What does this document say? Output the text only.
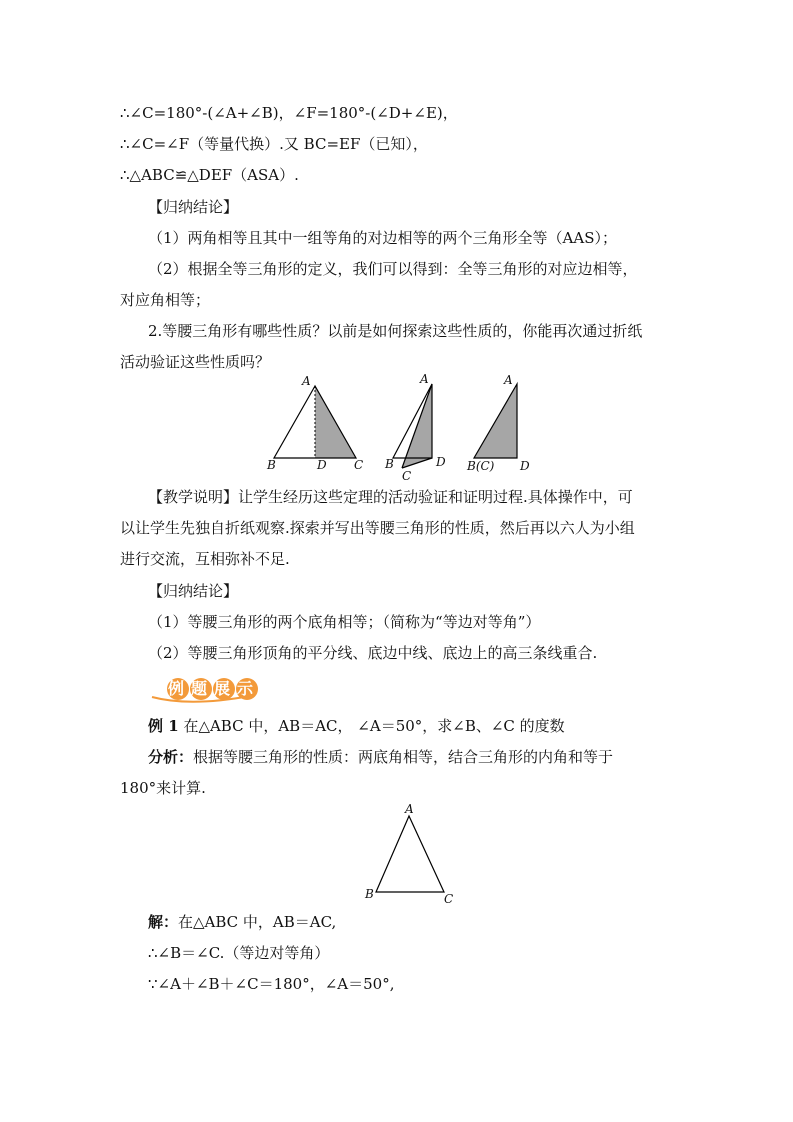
∴∠C=180°-(∠A+∠B)，∠F=180°-(∠D+∠E)，
∴∠C=∠F（等量代换）.又 BC=EF（已知），
∴△ABC≌△DEF（ASA）.
【归纳结论】
（1）两角相等且其中一组等角的对边相等的两个三角形全等（AAS）；
（2）根据全等三角形的定义，我们可以得到：全等三角形的对应边相等，
对应角相等；
2.等腰三角形有哪些性质？以前是如何探索这些性质的，你能再次通过折纸
活动验证这些性质吗？
A
B	D C
A
B
C
D
A
B(C) D
【教学说明】让学生经历这些定理的活动验证和证明过程.具体操作中，可
以让学生先独自折纸观察.探索并写出等腰三角形的性质，然后再以六人为小组
进行交流，互相弥补不足.
【归纳结论】
（1）等腰三角形的两个底角相等；（简称为“等边对等角”）
（2）等腰三角形顶角的平分线、底边中线、底边上的高三条线重合.
例题展示
例 1 在△ABC 中，AB＝AC， ∠A＝50°，求∠B、∠C 的度数
分析：根据等腰三角形的性质：两底角相等，结合三角形的内角和等于
180°来计算.
A
B	C
解：在△ABC 中，AB＝AC,
∴∠B＝∠C.（等边对等角）
∵∠A＋∠B＋∠C＝180°，∠A＝50°,
